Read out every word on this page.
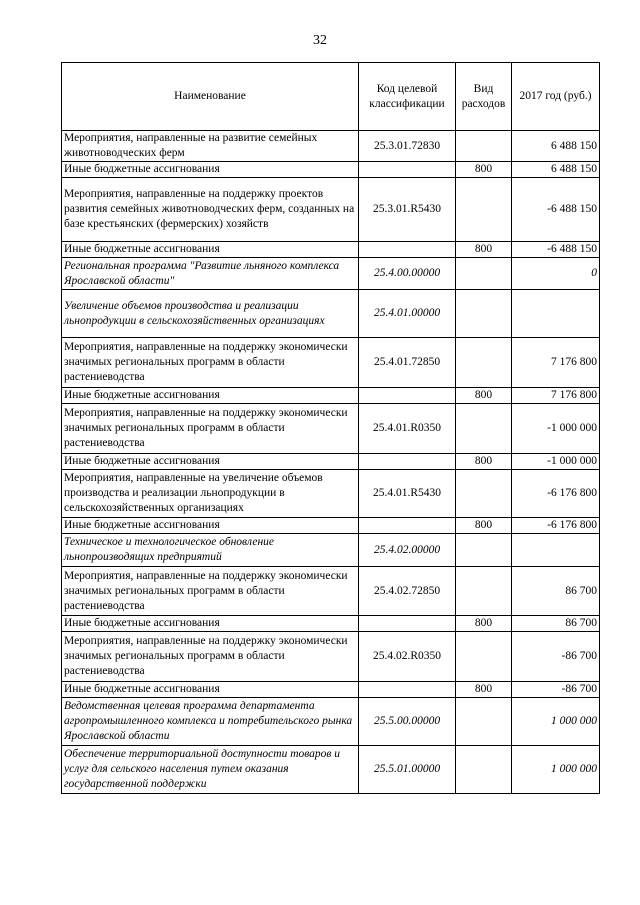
32
Наименование	Код целевой классификации	Вид расходов	2017 год (руб.)
Мероприятия, направленные на развитие семейных животноводческих ферм	25.3.01.72830		6 488 150
Иные бюджетные ассигнования		800	6 488 150
Мероприятия, направленные на поддержку проектов развития семейных животноводческих ферм, созданных на базе крестьянских (фермерских) хозяйств	25.3.01.R5430		-6 488 150
Иные бюджетные ассигнования		800	-6 488 150
Региональная программа "Развитие льняного комплекса Ярославской области"	25.4.00.00000		0
Увеличение объемов производства и реализации льнопродукции в сельскохозяйственных организациях	25.4.01.00000		
Мероприятия, направленные на поддержку экономически значимых региональных программ в области растениеводства	25.4.01.72850		7 176 800
Иные бюджетные ассигнования		800	7 176 800
Мероприятия, направленные на поддержку экономически значимых региональных программ в области растениеводства	25.4.01.R0350		-1 000 000
Иные бюджетные ассигнования		800	-1 000 000
Мероприятия, направленные на увеличение объемов производства и реализации льнопродукции в сельскохозяйственных организациях	25.4.01.R5430		-6 176 800
Иные бюджетные ассигнования		800	-6 176 800
Техническое и технологическое обновление льнопроизводящих предприятий	25.4.02.00000		
Мероприятия, направленные на поддержку экономически значимых региональных программ в области растениеводства	25.4.02.72850		86 700
Иные бюджетные ассигнования		800	86 700
Мероприятия, направленные на поддержку экономически значимых региональных программ в области растениеводства	25.4.02.R0350		-86 700
Иные бюджетные ассигнования		800	-86 700
Ведомственная целевая программа департамента агропромышленного комплекса и потребительского рынка Ярославской области	25.5.00.00000		1 000 000
Обеспечение территориальной доступности товаров и услуг для сельского населения путем оказания государственной поддержки	25.5.01.00000		1 000 000
